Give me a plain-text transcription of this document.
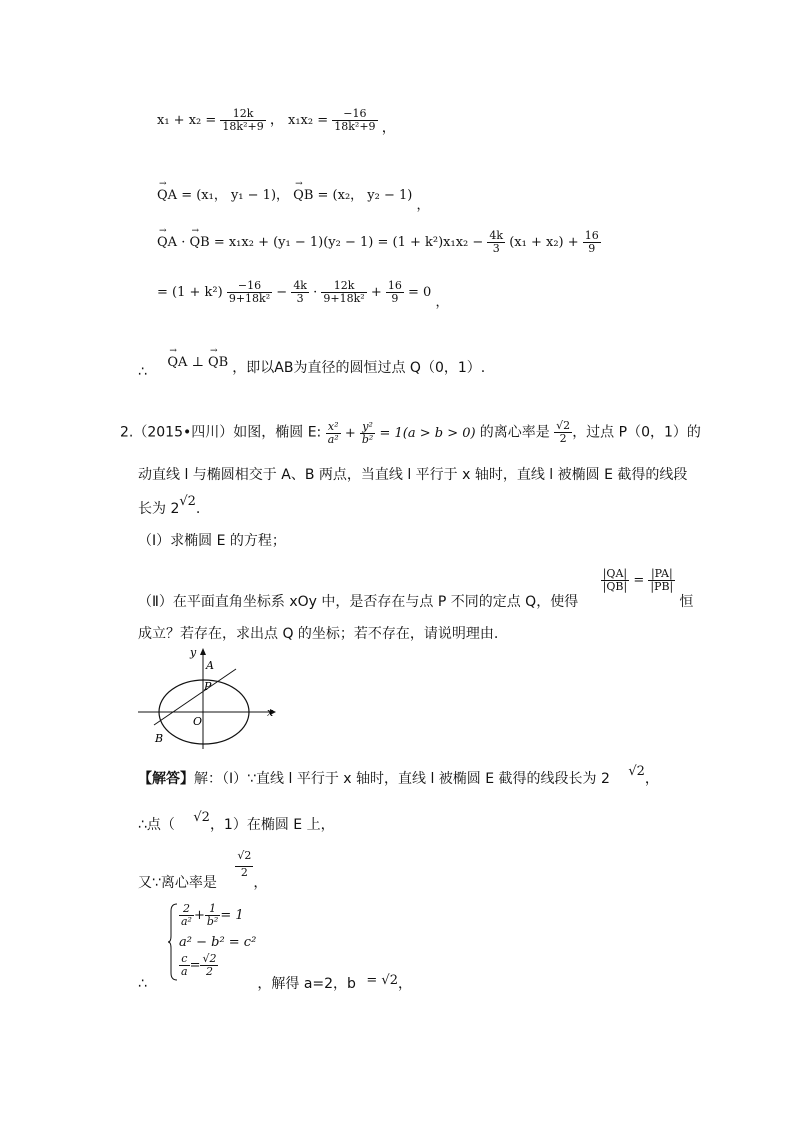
$x_1 + x_2 = \frac{12k}{\text{18k²+9}}$ ， $x_1x_2 = \frac{-16}{\text{18k²+9}}$ ，
→ QA = (x₁， y₁ − 1)， → QB = (x₂， y₂ − 1) ，
→ QA · → QB = $x_1x_2 + (y_1 - 1)(y_2 - 1) = (1 + k^2)x_1x_2 - \frac{4k}{3} (x_1 + x_2) + \frac{16}{9}$
= $(1 + k^2) \frac{-16}{\text{9+18k²}} - \frac{4k}{3} \cdot \frac{12k}{\text{9+18k²}} + \frac{16}{9} = 0$ ，
∴ → QA ⊥ → QB ，即以AB为直径的圆恒过点 Q（0，1）.
2.（2015•四川）如图，椭圆 E: $\frac{\text{x²}}{\text{a²}} + \frac{\text{y²}}{\text{b²}} = 1(a > b > 0)$ 的离心率是 $\frac{√2}{2}$ ，过点 P（0，1）的
动直线 l 与椭圆相交于 A、B 两点，当直线 l 平行于 x 轴时，直线 l 被椭圆 E 截得的线段
长为 2√2.
（Ⅰ）求椭圆 E 的方程；
（Ⅱ）在平面直角坐标系 xOy 中，是否存在与点 P 不同的定点 Q，使得
$\frac{|QA|}{|QB|} = \frac{|PA|}{|PB|}$
恒
成立？若存在，求出点 Q 的坐标；若不存在，请说明理由.
y
x
A
P
O
B
【解答】解：（Ⅰ）∵直线 l 平行于 x 轴时，直线 l 被椭圆 E 截得的线段长为 2 √2，
∴点（ √2，1）在椭圆 E 上，
又∵离心率是
$\frac{√2}{2}$
，
$\frac{2}{\text{a²}} + \frac{1}{\text{b²}} = 1$
a² − b² = c²
$\frac{c}{a} = \frac{√2}{2}$
∴	，解得 a=2，b = √2，
